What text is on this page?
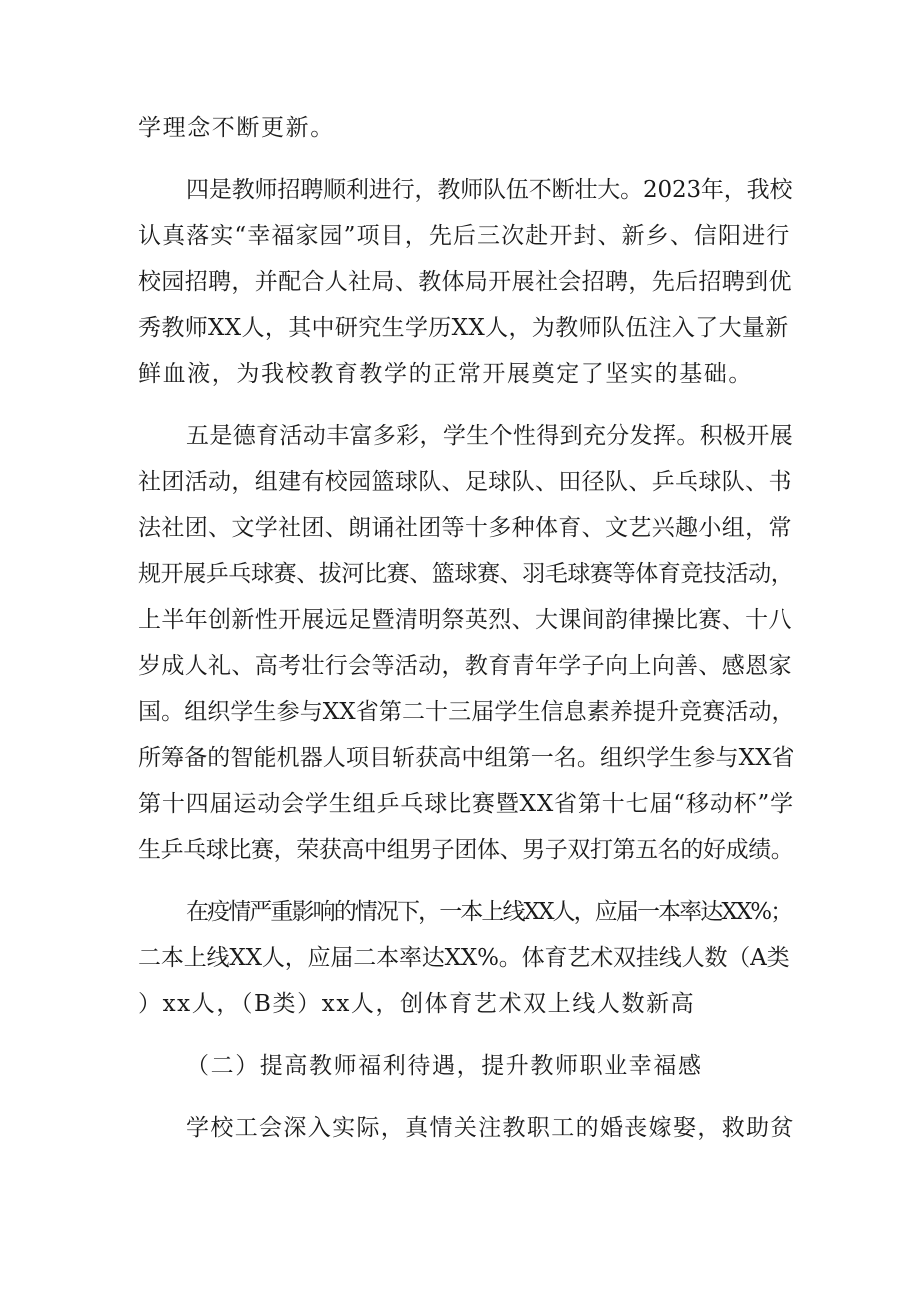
学理念不断更新。
四是教师招聘顺利进行，教师队伍不断壮大。2023年，我校
认真落实“幸福家园”项目，先后三次赴开封、新乡、信阳进行
校园招聘，并配合人社局、教体局开展社会招聘，先后招聘到优
秀教师XX人，其中研究生学历XX人，为教师队伍注入了大量新
鲜血液，为我校教育教学的正常开展奠定了坚实的基础。
五是德育活动丰富多彩，学生个性得到充分发挥。积极开展
社团活动，组建有校园篮球队、足球队、田径队、乒乓球队、书
法社团、文学社团、朗诵社团等十多种体育、文艺兴趣小组，常
规开展乒乓球赛、拔河比赛、篮球赛、羽毛球赛等体育竞技活动，
上半年创新性开展远足暨清明祭英烈、大课间韵律操比赛、十八
岁成人礼、高考壮行会等活动，教育青年学子向上向善、感恩家
国。组织学生参与XX省第二十三届学生信息素养提升竞赛活动，
所筹备的智能机器人项目斩获高中组第一名。组织学生参与XX省
第十四届运动会学生组乒乓球比赛暨XX省第十七届“移动杯”学
生乒乓球比赛，荣获高中组男子团体、男子双打第五名的好成绩。
在疫情严重影响的情况下，一本上线XX人，应届一本率达XX%；
二本上线XX人，应届二本率达XX%。体育艺术双挂线人数（A类
）xx人，（B类）xx人，创体育艺术双上线人数新高
（二）提高教师福利待遇，提升教师职业幸福感
学校工会深入实际，真情关注教职工的婚丧嫁娶，救助贫
